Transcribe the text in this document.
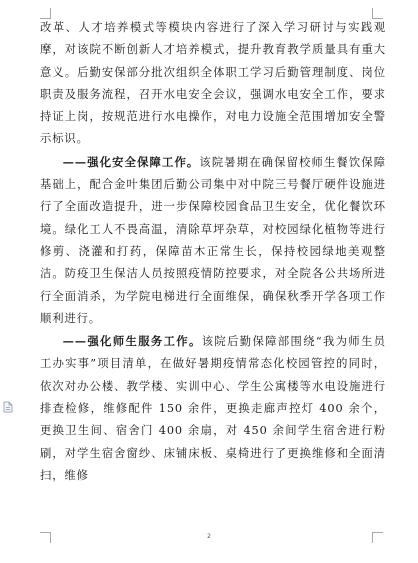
改革、人才培养模式等模块内容进行了深入学习研讨与实践观摩，对该院不断创新人才培养模式，提升教育教学质量具有重大意义。后勤安保部分批次组织全体职工学习后勤管理制度、岗位职责及服务流程，召开水电安全会议，强调水电安全工作，要求持证上岗，按规范进行水电操作，对电力设施全范围增加安全警示标识。

——强化安全保障工作。该院暑期在确保留校师生餐饮保障基础上，配合金叶集团后勤公司集中对中院三号餐厅硬件设施进行了全面改造提升，进一步保障校园食品卫生安全，优化餐饮环境。绿化工人不畏高温，清除草坪杂草，对校园绿化植物等进行修剪、浇灌和打药，保障苗木正常生长，保持校园绿地美观整洁。防疫卫生保洁人员按照疫情防控要求，对全院各公共场所进行全面消杀，为学院电梯进行全面维保，确保秋季开学各项工作顺利进行。

——强化师生服务工作。该院后勤保障部围绕“我为师生员工办实事”项目清单，在做好暑期疫情常态化校园管控的同时，依次对办公楼、教学楼、实训中心、学生公寓楼等水电设施进行排查检修，维修配件 150 余件，更换走廊声控灯 400 余个，更换卫生间、宿舍门 400 余扇，对 450 余间学生宿舍进行粉刷，对学生宿舍窗纱、床铺床板、桌椅进行了更换维修和全面清扫，维修

2
